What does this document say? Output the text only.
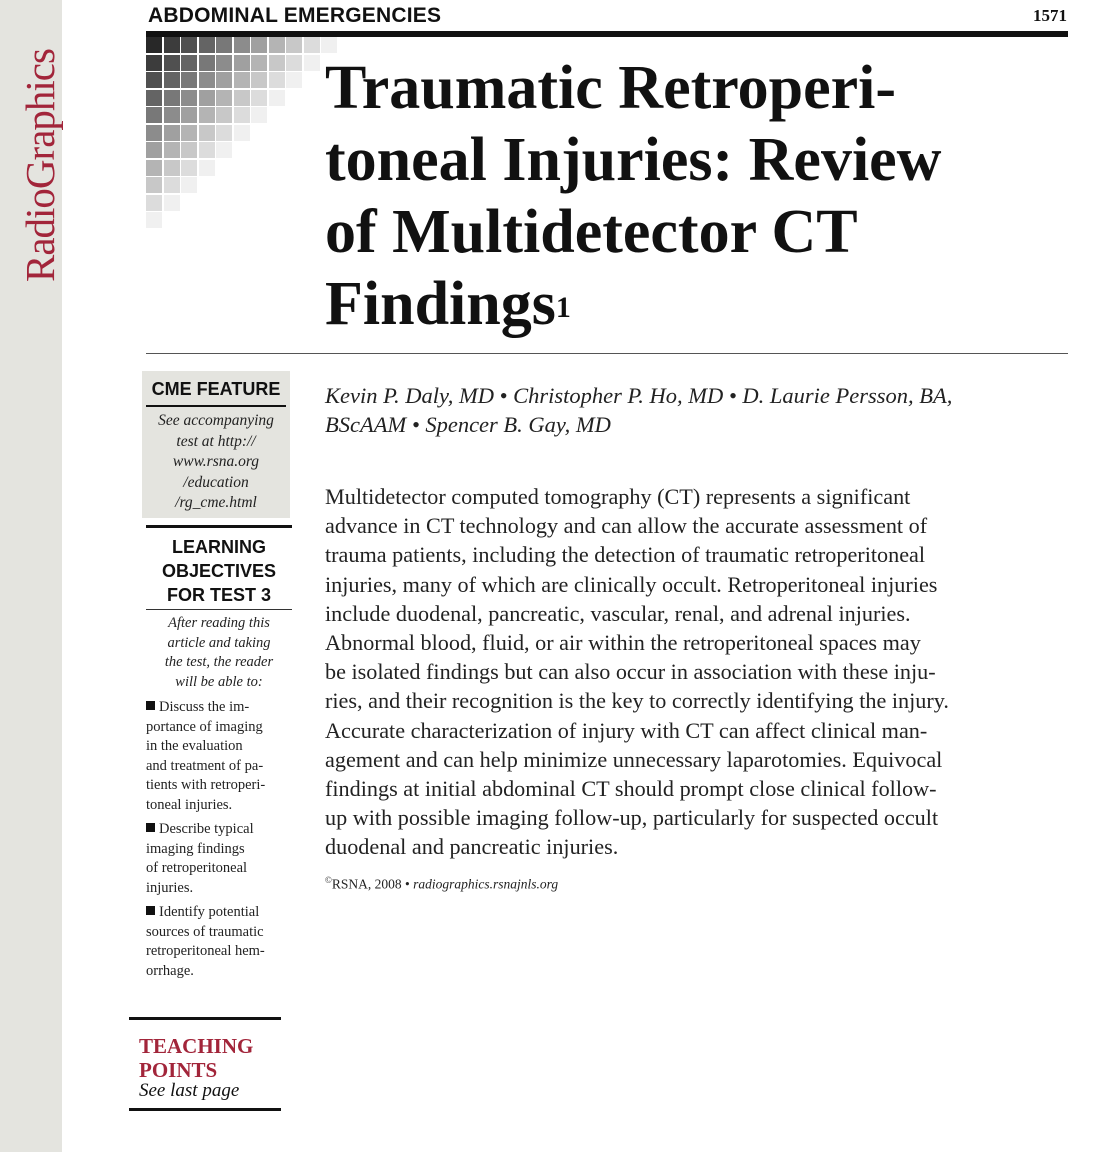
RadioGraphics
ABDOMINAL EMERGENCIES	1571
Traumatic Retroperi-
toneal Injuries: Review
of Multidetector CT
Findings$^1$
CME FEATURE
See accompanying
test at http://
www.rsna.org
/education
/rg_cme.html
LEARNING
OBJECTIVES
FOR TEST 3
After reading this
article and taking
the test, the reader
will be able to:
Discuss the im-
portance of imaging
in the evaluation
and treatment of pa-
tients with retroperi-
toneal injuries.
Describe typical
imaging findings
of retroperitoneal
injuries.
Identify potential
sources of traumatic
retroperitoneal hem-
orrhage.
TEACHING
POINTS
See last page
Kevin P. Daly, MD • Christopher P. Ho, MD • D. Laurie Persson, BA,
BScAAM • Spencer B. Gay, MD
Multidetector computed tomography (CT) represents a significant
advance in CT technology and can allow the accurate assessment of
trauma patients, including the detection of traumatic retroperitoneal
injuries, many of which are clinically occult. Retroperitoneal injuries
include duodenal, pancreatic, vascular, renal, and adrenal injuries.
Abnormal blood, fluid, or air within the retroperitoneal spaces may
be isolated findings but can also occur in association with these inju-
ries, and their recognition is the key to correctly identifying the injury.
Accurate characterization of injury with CT can affect clinical man-
agement and can help minimize unnecessary laparotomies. Equivocal
findings at initial abdominal CT should prompt close clinical follow-
up with possible imaging follow-up, particularly for suspected occult
duodenal and pancreatic injuries.
©RSNA, 2008 • radiographics.rsnajnls.org
